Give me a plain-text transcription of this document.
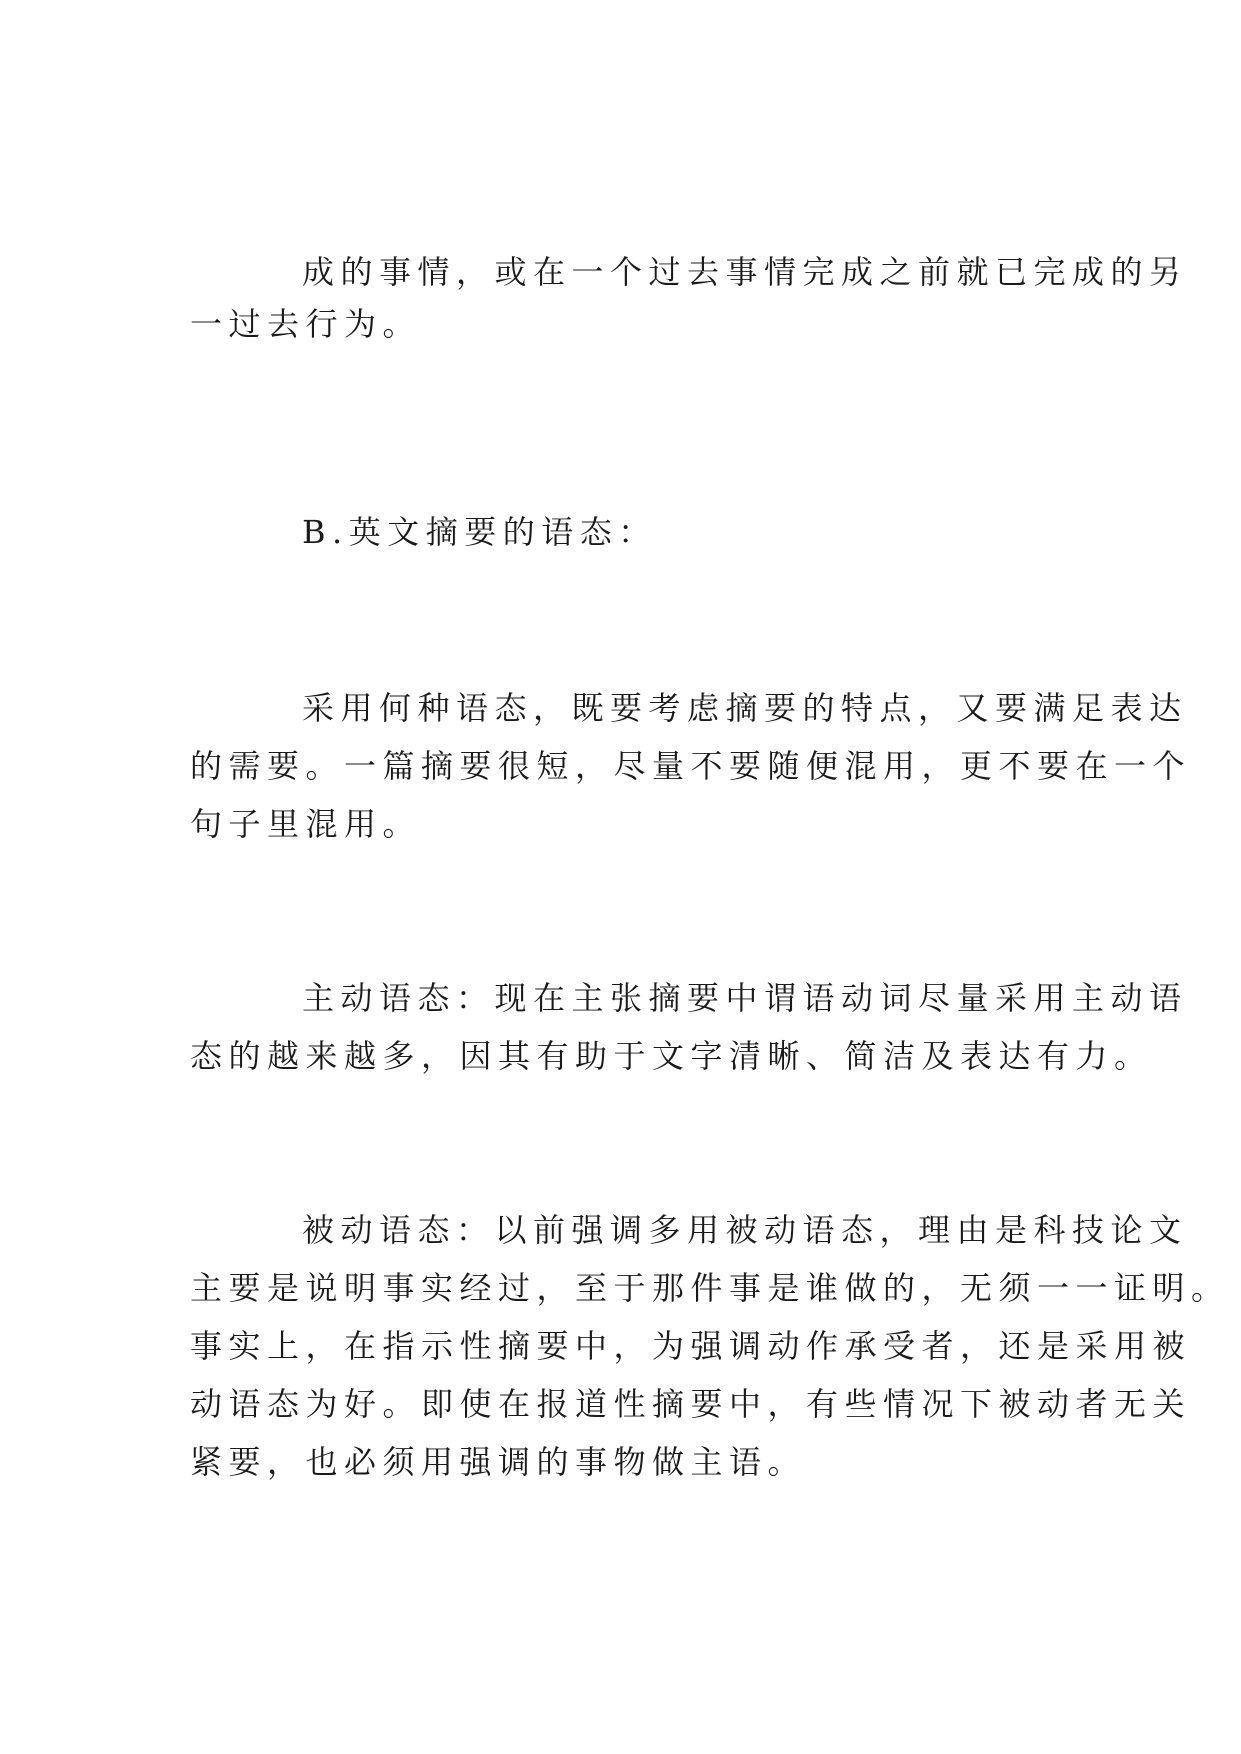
成的事情，或在一个过去事情完成之前就已完成的另

一过去行为。

B.英文摘要的语态：

采用何种语态，既要考虑摘要的特点，又要满足表达

的需要。一篇摘要很短，尽量不要随便混用，更不要在一个

句子里混用。

主动语态：现在主张摘要中谓语动词尽量采用主动语

态的越来越多，因其有助于文字清晰、简洁及表达有力。

被动语态：以前强调多用被动语态，理由是科技论文

主要是说明事实经过，至于那件事是谁做的，无须一一证明。

事实上，在指示性摘要中，为强调动作承受者，还是采用被

动语态为好。即使在报道性摘要中，有些情况下被动者无关

紧要，也必须用强调的事物做主语。
